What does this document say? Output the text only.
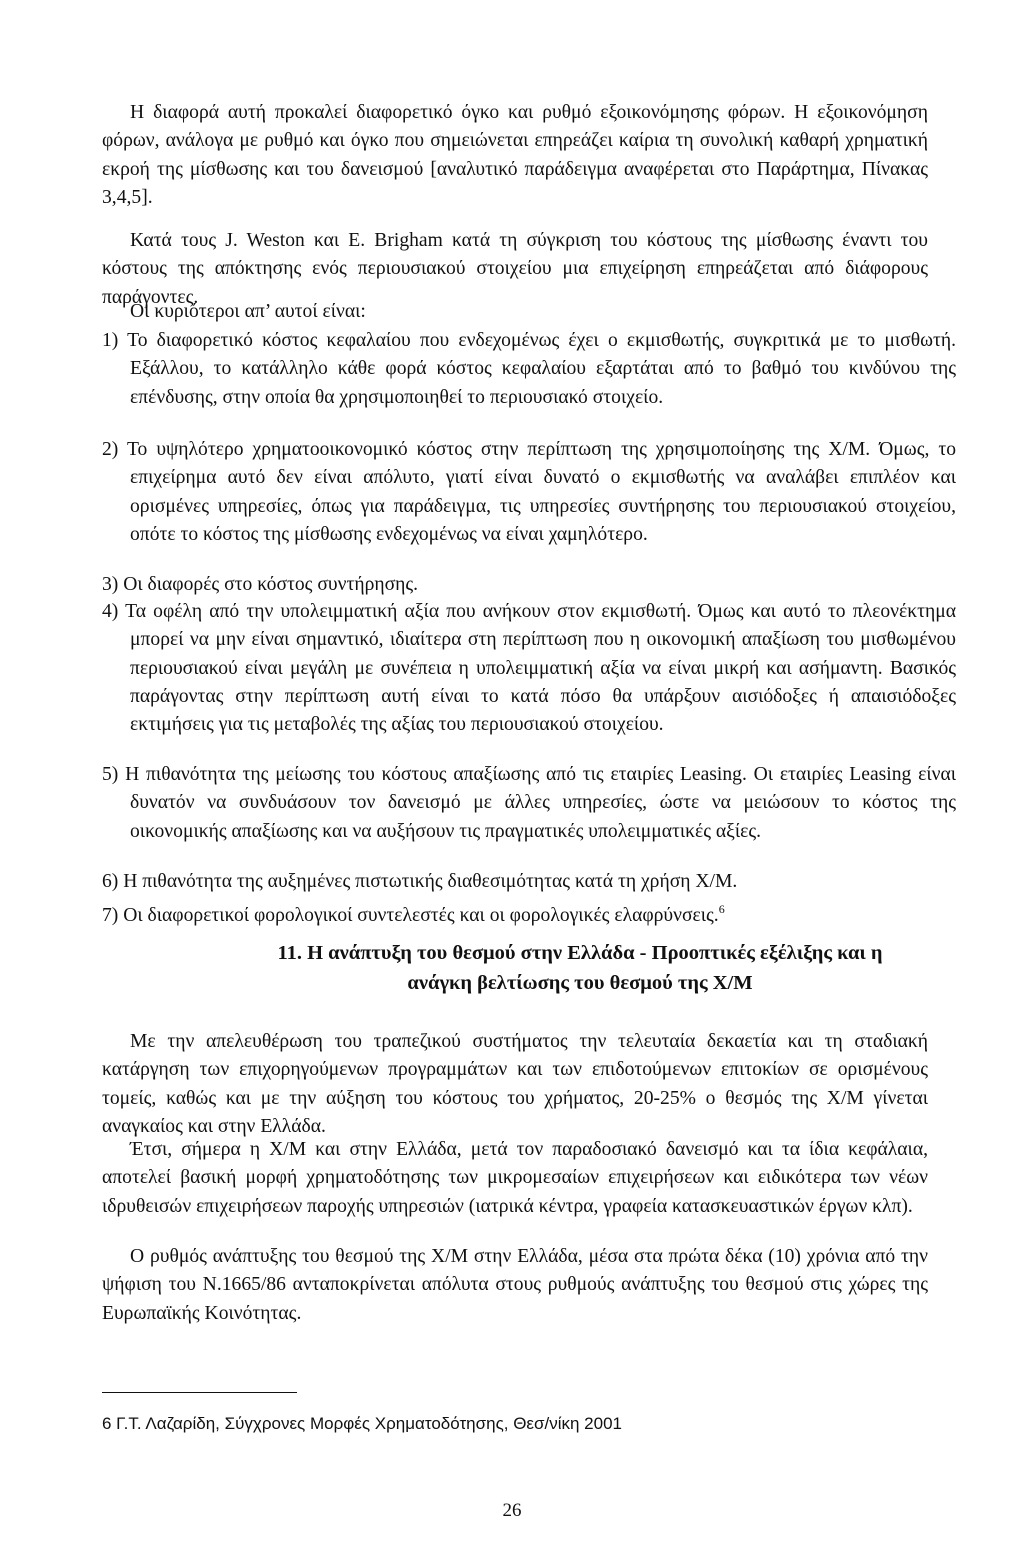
Η διαφορά αυτή προκαλεί διαφορετικό όγκο και ρυθμό εξοικονόμησης φόρων. Η εξοικονόμηση φόρων, ανάλογα με ρυθμό και όγκο που σημειώνεται επηρεάζει καίρια τη συνολική καθαρή χρηματική εκροή της μίσθωσης και του δανεισμού [αναλυτικό παράδειγμα αναφέρεται στο Παράρτημα, Πίνακας 3,4,5].
Κατά τους J. Weston και E. Brigham κατά τη σύγκριση του κόστους της μίσθωσης έναντι του κόστους της απόκτησης ενός περιουσιακού στοιχείου μια επιχείρηση επηρεάζεται από διάφορους παράγοντες.
Οι κυριότεροι απ’ αυτοί είναι:
1) Το διαφορετικό κόστος κεφαλαίου που ενδεχομένως έχει ο εκμισθωτής, συγκριτικά με το μισθωτή. Εξάλλου, το κατάλληλο κάθε φορά κόστος κεφαλαίου εξαρτάται από το βαθμό του κινδύνου της επένδυσης, στην οποία θα χρησιμοποιηθεί το περιουσιακό στοιχείο.
2) Το υψηλότερο χρηματοοικονομικό κόστος στην περίπτωση της χρησιμοποίησης της Χ/Μ. Όμως, το επιχείρημα αυτό δεν είναι απόλυτο, γιατί είναι δυνατό ο εκμισθωτής να αναλάβει επιπλέον και ορισμένες υπηρεσίες, όπως για παράδειγμα, τις υπηρεσίες συντήρησης του περιουσιακού στοιχείου, οπότε το κόστος της μίσθωσης ενδεχομένως να είναι χαμηλότερο.
3) Οι διαφορές στο κόστος συντήρησης.
4) Τα οφέλη από την υπολειμματική αξία που ανήκουν στον εκμισθωτή. Όμως και αυτό το πλεονέκτημα μπορεί να μην είναι σημαντικό, ιδιαίτερα στη περίπτωση που η οικονομική απαξίωση του μισθωμένου περιουσιακού είναι μεγάλη με συνέπεια η υπολειμματική αξία να είναι μικρή και ασήμαντη. Βασικός παράγοντας στην περίπτωση αυτή είναι το κατά πόσο θα υπάρξουν αισιόδοξες ή απαισιόδοξες εκτιμήσεις για τις μεταβολές της αξίας του περιουσιακού στοιχείου.
5) Η πιθανότητα της μείωσης του κόστους απαξίωσης από τις εταιρίες Leasing. Οι εταιρίες Leasing είναι δυνατόν να συνδυάσουν τον δανεισμό με άλλες υπηρεσίες, ώστε να μειώσουν το κόστος της οικονομικής απαξίωσης και να αυξήσουν τις πραγματικές υπολειμματικές αξίες.
6) Η πιθανότητα της αυξημένες πιστωτικής διαθεσιμότητας κατά τη χρήση Χ/Μ.
7) Οι διαφορετικοί φορολογικοί συντελεστές και οι φορολογικές ελαφρύνσεις.$^6$
11. Η ανάπτυξη του θεσμού στην Ελλάδα - Προοπτικές εξέλιξης και η
ανάγκη βελτίωσης του θεσμού της Χ/Μ
Με την απελευθέρωση του τραπεζικού συστήματος την τελευταία δεκαετία και τη σταδιακή κατάργηση των επιχορηγούμενων προγραμμάτων και των επιδοτούμενων επιτοκίων σε ορισμένους τομείς, καθώς και με την αύξηση του κόστους του χρήματος, 20-25% ο θεσμός της Χ/Μ γίνεται αναγκαίος και στην Ελλάδα.
Έτσι, σήμερα η Χ/Μ και στην Ελλάδα, μετά τον παραδοσιακό δανεισμό και τα ίδια κεφάλαια, αποτελεί βασική μορφή χρηματοδότησης των μικρομεσαίων επιχειρήσεων και ειδικότερα των νέων ιδρυθεισών επιχειρήσεων παροχής υπηρεσιών (ιατρικά κέντρα, γραφεία κατασκευαστικών έργων κλπ).
Ο ρυθμός ανάπτυξης του θεσμού της Χ/Μ στην Ελλάδα, μέσα στα πρώτα δέκα (10) χρόνια από την ψήφιση του Ν.1665/86 ανταποκρίνεται απόλυτα στους ρυθμούς ανάπτυξης του θεσμού στις χώρες της Ευρωπαϊκής Κοινότητας.
6 Γ.Τ. Λαζαρίδη, Σύγχρονες Μορφές Χρηματοδότησης, Θεσ/νίκη 2001
26
